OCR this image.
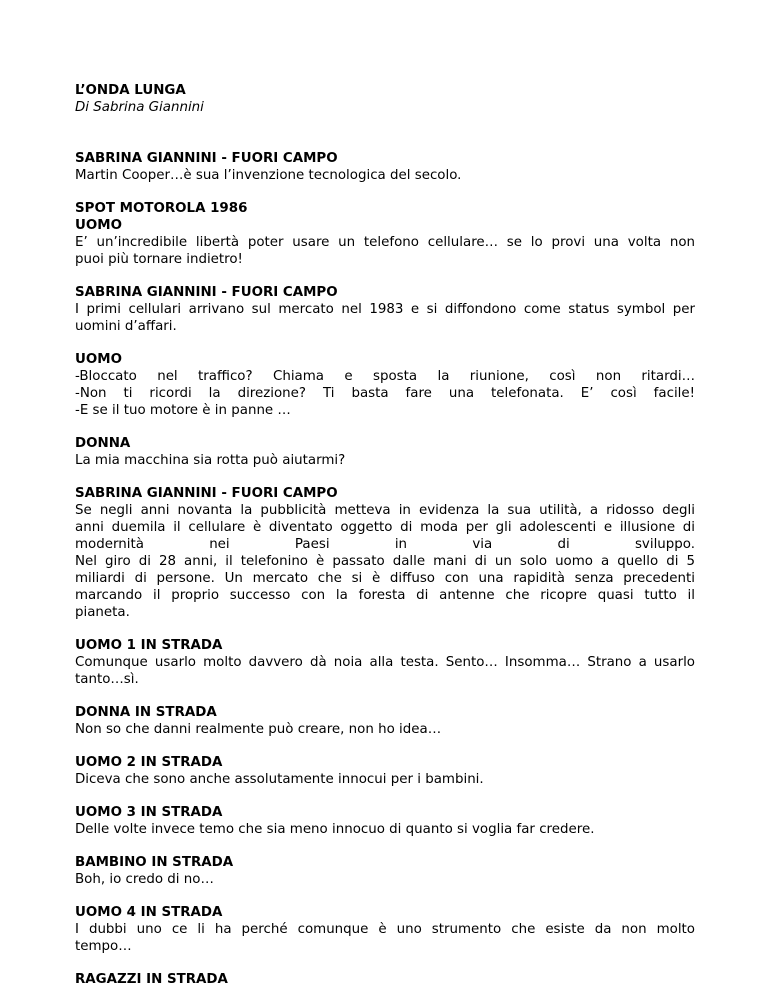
L’ONDA LUNGA
Di Sabrina Giannini
SABRINA GIANNINI - FUORI CAMPO
Martin Cooper…è sua l’invenzione tecnologica del secolo.
SPOT MOTOROLA 1986
UOMO
E’ un’incredibile libertà poter usare un telefono cellulare… se lo provi una volta non
puoi più tornare indietro!
SABRINA GIANNINI - FUORI CAMPO
I primi cellulari arrivano sul mercato nel 1983 e si diffondono come status symbol per
uomini d’affari.
UOMO
-Bloccato nel traffico? Chiama e sposta la riunione, così non ritardi…
-Non ti ricordi la direzione? Ti basta fare una telefonata. E’ così facile!
-E se il tuo motore è in panne …
DONNA
La mia macchina sia rotta può aiutarmi?
SABRINA GIANNINI - FUORI CAMPO
Se negli anni novanta la pubblicità metteva in evidenza la sua utilità, a ridosso degli
anni duemila il cellulare è diventato oggetto di moda per gli adolescenti e illusione di
modernità nei Paesi in via di sviluppo.
Nel giro di 28 anni, il telefonino è passato dalle mani di un solo uomo a quello di 5
miliardi di persone. Un mercato che si è diffuso con una rapidità senza precedenti
marcando il proprio successo con la foresta di antenne che ricopre quasi tutto il
pianeta.
UOMO 1 IN STRADA
Comunque usarlo molto davvero dà noia alla testa. Sento… Insomma… Strano a usarlo
tanto…sì.
DONNA IN STRADA
Non so che danni realmente può creare, non ho idea…
UOMO 2 IN STRADA
Diceva che sono anche assolutamente innocui per i bambini.
UOMO 3 IN STRADA
Delle volte invece temo che sia meno innocuo di quanto si voglia far credere.
BAMBINO IN STRADA
Boh, io credo di no…
UOMO 4 IN STRADA
I dubbi uno ce li ha perché comunque è uno strumento che esiste da non molto
tempo…
RAGAZZI IN STRADA
